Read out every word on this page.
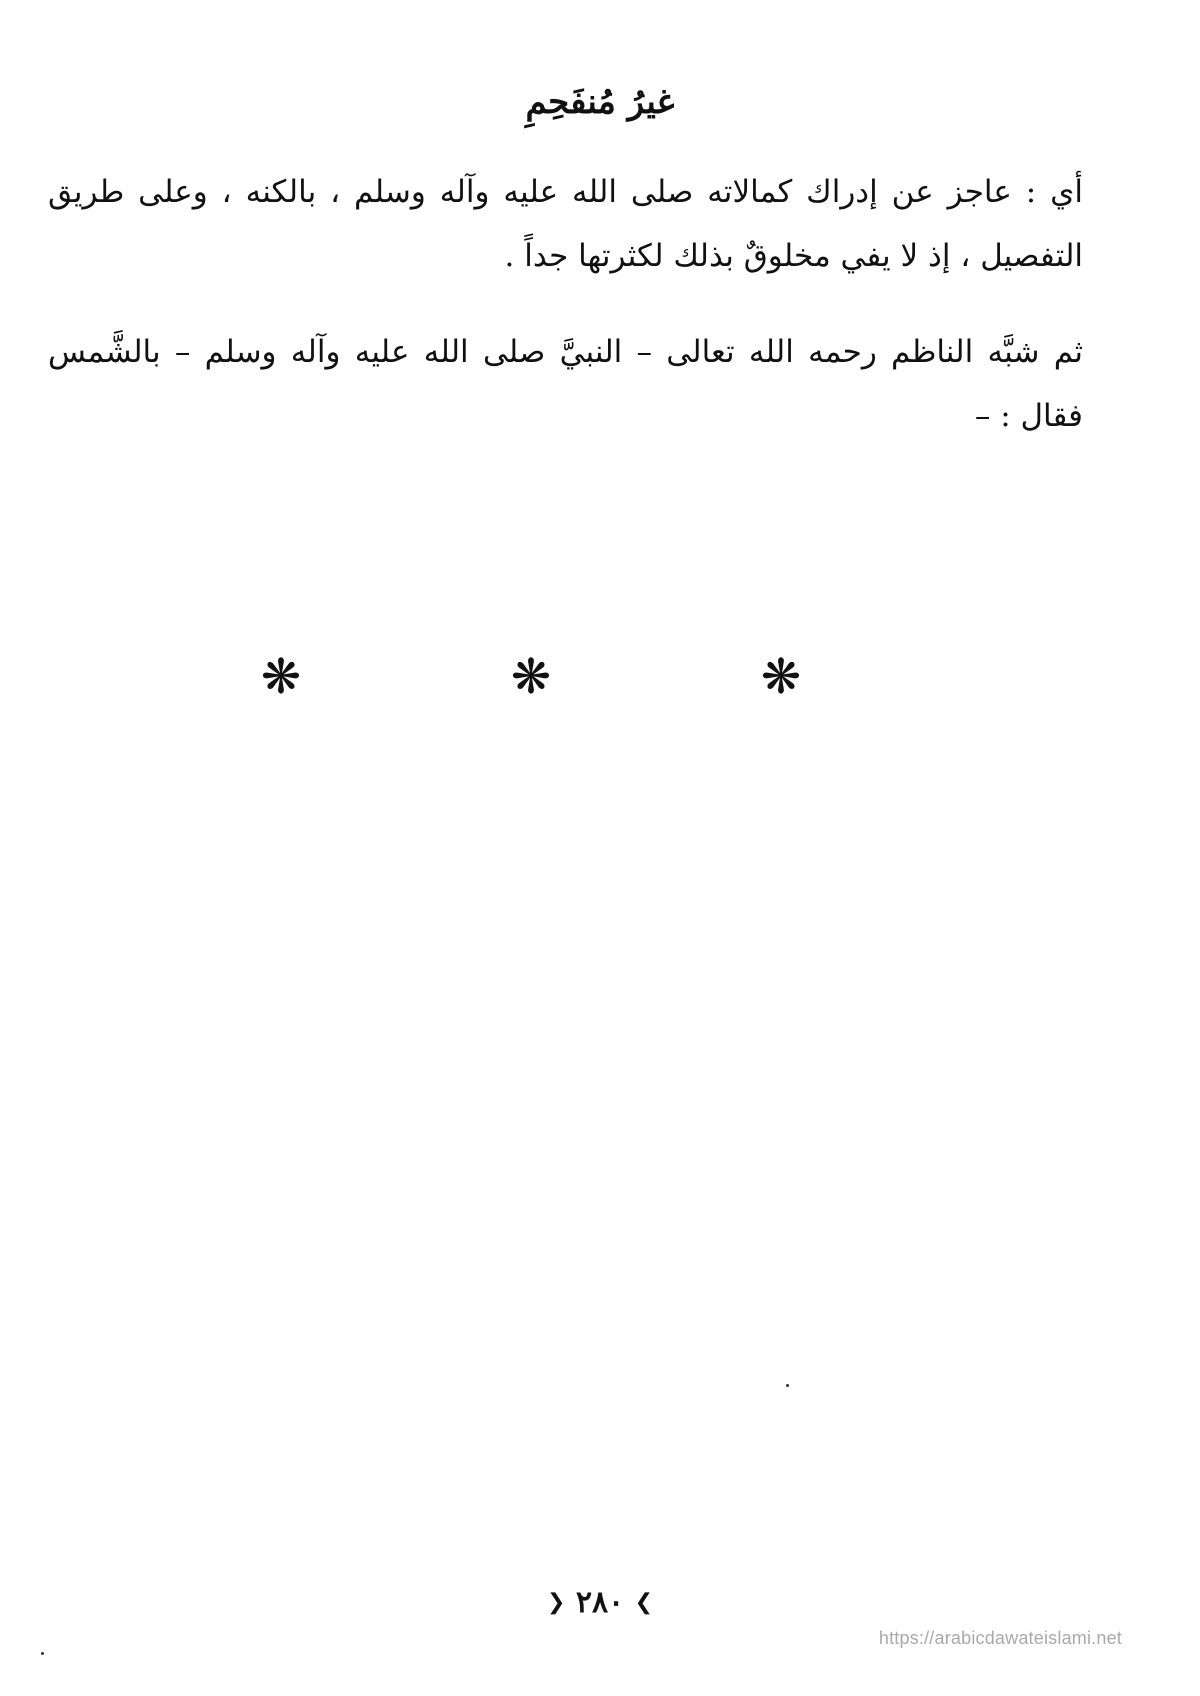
غيرُ مُنفَحِمِ

أي : عاجز عن إدراك كمالاته صلى الله عليه وآله وسلم ، بالكنه ، وعلى طريق التفصيل ، إذ لا يفي مخلوقٌ بذلك لكثرتها جداً .

ثم شبَّه الناظم رحمه الله تعالى – النبيَّ صلى الله عليه وآله وسلم – بالشَّمس فقال : –

❋	❋	❋
❯ ٢٨٠ ❮
https://arabicdawateislami.net
